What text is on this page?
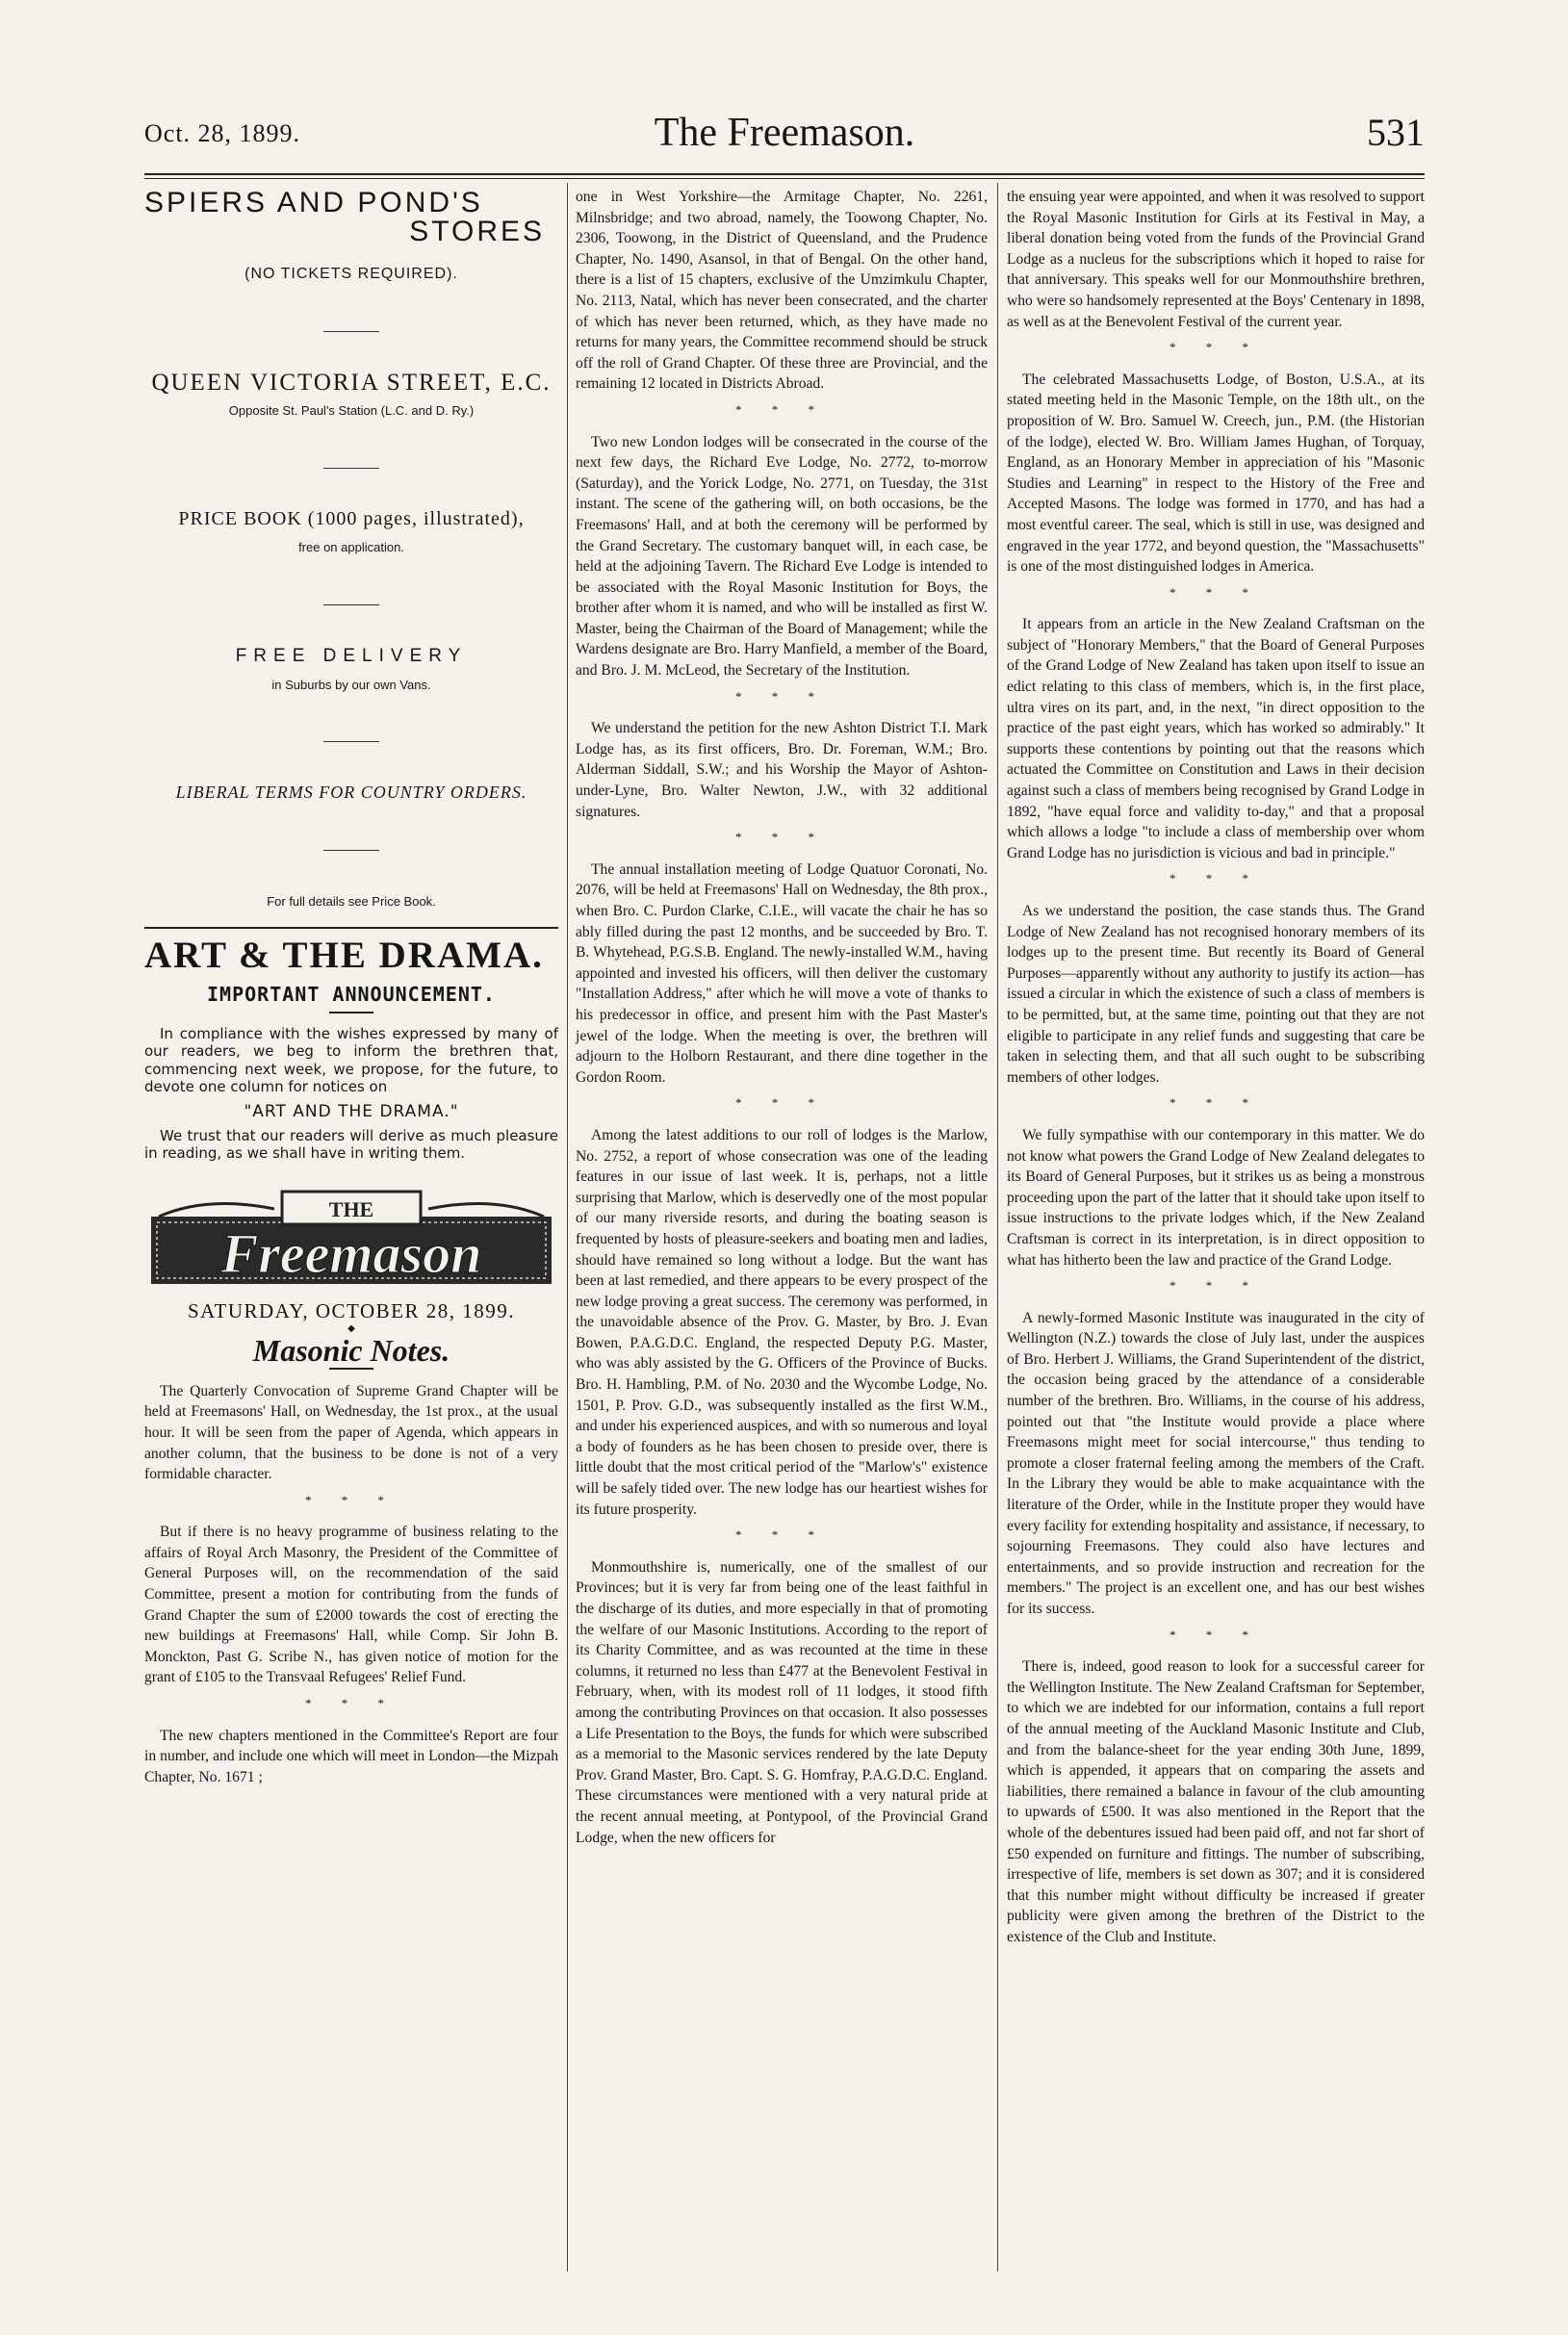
Oct. 28, 1899.	The Freemason.	531
SPIERS AND POND'S
STORES
(NO TICKETS REQUIRED).
QUEEN VICTORIA STREET, E.C.
Opposite St. Paul's Station (L.C. and D. Ry.)
PRICE BOOK (1000 pages, illustrated),
free on application.
FREE DELIVERY
in Suburbs by our own Vans.
LIBERAL TERMS FOR COUNTRY ORDERS.
For full details see Price Book.
ART & THE DRAMA.
IMPORTANT ANNOUNCEMENT.

In compliance with the wishes expressed by many of our readers, we beg to inform the brethren that, commencing next week, we propose, for the future, to devote one column for notices on

"ART AND THE DRAMA."

We trust that our readers will derive as much pleasure in reading, as we shall have in writing them.

THE
Freemason
SATURDAY, OCTOBER 28, 1899.
◆
Masonic Notes.

The Quarterly Convocation of Supreme Grand Chapter will be held at Freemasons' Hall, on Wednesday, the 1st prox., at the usual hour. It will be seen from the paper of Agenda, which appears in another column, that the business to be done is not of a very formidable character.

* * *

But if there is no heavy programme of business relating to the affairs of Royal Arch Masonry, the President of the Committee of General Purposes will, on the recommendation of the said Committee, present a motion for contributing from the funds of Grand Chapter the sum of £2000 towards the cost of erecting the new buildings at Freemasons' Hall, while Comp. Sir John B. Monckton, Past G. Scribe N., has given notice of motion for the grant of £105 to the Transvaal Refugees' Relief Fund.

* * *

The new chapters mentioned in the Committee's Report are four in number, and include one which will meet in London—the Mizpah Chapter, No. 1671 ;

one in West Yorkshire—the Armitage Chapter, No. 2261, Milnsbridge; and two abroad, namely, the Toowong Chapter, No. 2306, Toowong, in the District of Queensland, and the Prudence Chapter, No. 1490, Asansol, in that of Bengal. On the other hand, there is a list of 15 chapters, exclusive of the Umzimkulu Chapter, No. 2113, Natal, which has never been consecrated, and the charter of which has never been returned, which, as they have made no returns for many years, the Committee recommend should be struck off the roll of Grand Chapter. Of these three are Provincial, and the remaining 12 located in Districts Abroad.

* * *

Two new London lodges will be consecrated in the course of the next few days, the Richard Eve Lodge, No. 2772, to-morrow (Saturday), and the Yorick Lodge, No. 2771, on Tuesday, the 31st instant. The scene of the gathering will, on both occasions, be the Freemasons' Hall, and at both the ceremony will be performed by the Grand Secretary. The customary banquet will, in each case, be held at the adjoining Tavern. The Richard Eve Lodge is intended to be associated with the Royal Masonic Institution for Boys, the brother after whom it is named, and who will be installed as first W. Master, being the Chairman of the Board of Management; while the Wardens designate are Bro. Harry Manfield, a member of the Board, and Bro. J. M. McLeod, the Secretary of the Institution.

* * *

We understand the petition for the new Ashton District T.I. Mark Lodge has, as its first officers, Bro. Dr. Foreman, W.M.; Bro. Alderman Siddall, S.W.; and his Worship the Mayor of Ashton-under-Lyne, Bro. Walter Newton, J.W., with 32 additional signatures.

* * *

The annual installation meeting of Lodge Quatuor Coronati, No. 2076, will be held at Freemasons' Hall on Wednesday, the 8th prox., when Bro. C. Purdon Clarke, C.I.E., will vacate the chair he has so ably filled during the past 12 months, and be succeeded by Bro. T. B. Whytehead, P.G.S.B. England. The newly-installed W.M., having appointed and invested his officers, will then deliver the customary "Installation Address," after which he will move a vote of thanks to his predecessor in office, and present him with the Past Master's jewel of the lodge. When the meeting is over, the brethren will adjourn to the Holborn Restaurant, and there dine together in the Gordon Room.

* * *

Among the latest additions to our roll of lodges is the Marlow, No. 2752, a report of whose consecration was one of the leading features in our issue of last week. It is, perhaps, not a little surprising that Marlow, which is deservedly one of the most popular of our many riverside resorts, and during the boating season is frequented by hosts of pleasure-seekers and boating men and ladies, should have remained so long without a lodge. But the want has been at last remedied, and there appears to be every prospect of the new lodge proving a great success. The ceremony was performed, in the unavoidable absence of the Prov. G. Master, by Bro. J. Evan Bowen, P.A.G.D.C. England, the respected Deputy P.G. Master, who was ably assisted by the G. Officers of the Province of Bucks. Bro. H. Hambling, P.M. of No. 2030 and the Wycombe Lodge, No. 1501, P. Prov. G.D., was subsequently installed as the first W.M., and under his experienced auspices, and with so numerous and loyal a body of founders as he has been chosen to preside over, there is little doubt that the most critical period of the "Marlow's" existence will be safely tided over. The new lodge has our heartiest wishes for its future prosperity.

* * *

Monmouthshire is, numerically, one of the smallest of our Provinces; but it is very far from being one of the least faithful in the discharge of its duties, and more especially in that of promoting the welfare of our Masonic Institutions. According to the report of its Charity Committee, and as was recounted at the time in these columns, it returned no less than £477 at the Benevolent Festival in February, when, with its modest roll of 11 lodges, it stood fifth among the contributing Provinces on that occasion. It also possesses a Life Presentation to the Boys, the funds for which were subscribed as a memorial to the Masonic services rendered by the late Deputy Prov. Grand Master, Bro. Capt. S. G. Homfray, P.A.G.D.C. England. These circumstances were mentioned with a very natural pride at the recent annual meeting, at Pontypool, of the Provincial Grand Lodge, when the new officers for

the ensuing year were appointed, and when it was resolved to support the Royal Masonic Institution for Girls at its Festival in May, a liberal donation being voted from the funds of the Provincial Grand Lodge as a nucleus for the subscriptions which it hoped to raise for that anniversary. This speaks well for our Monmouthshire brethren, who were so handsomely represented at the Boys' Centenary in 1898, as well as at the Benevolent Festival of the current year.

* * *

The celebrated Massachusetts Lodge, of Boston, U.S.A., at its stated meeting held in the Masonic Temple, on the 18th ult., on the proposition of W. Bro. Samuel W. Creech, jun., P.M. (the Historian of the lodge), elected W. Bro. William James Hughan, of Torquay, England, as an Honorary Member in appreciation of his "Masonic Studies and Learning" in respect to the History of the Free and Accepted Masons. The lodge was formed in 1770, and has had a most eventful career. The seal, which is still in use, was designed and engraved in the year 1772, and beyond question, the "Massachusetts" is one of the most distinguished lodges in America.

* * *

It appears from an article in the New Zealand Craftsman on the subject of "Honorary Members," that the Board of General Purposes of the Grand Lodge of New Zealand has taken upon itself to issue an edict relating to this class of members, which is, in the first place, ultra vires on its part, and, in the next, "in direct opposition to the practice of the past eight years, which has worked so admirably." It supports these contentions by pointing out that the reasons which actuated the Committee on Constitution and Laws in their decision against such a class of members being recognised by Grand Lodge in 1892, "have equal force and validity to-day," and that a proposal which allows a lodge "to include a class of membership over whom Grand Lodge has no jurisdiction is vicious and bad in principle."

* * *

As we understand the position, the case stands thus. The Grand Lodge of New Zealand has not recognised honorary members of its lodges up to the present time. But recently its Board of General Purposes—apparently without any authority to justify its action—has issued a circular in which the existence of such a class of members is to be permitted, but, at the same time, pointing out that they are not eligible to participate in any relief funds and suggesting that care be taken in selecting them, and that all such ought to be subscribing members of other lodges.

* * *

We fully sympathise with our contemporary in this matter. We do not know what powers the Grand Lodge of New Zealand delegates to its Board of General Purposes, but it strikes us as being a monstrous proceeding upon the part of the latter that it should take upon itself to issue instructions to the private lodges which, if the New Zealand Craftsman is correct in its interpretation, is in direct opposition to what has hitherto been the law and practice of the Grand Lodge.

* * *

A newly-formed Masonic Institute was inaugurated in the city of Wellington (N.Z.) towards the close of July last, under the auspices of Bro. Herbert J. Williams, the Grand Superintendent of the district, the occasion being graced by the attendance of a considerable number of the brethren. Bro. Williams, in the course of his address, pointed out that "the Institute would provide a place where Freemasons might meet for social intercourse," thus tending to promote a closer fraternal feeling among the members of the Craft. In the Library they would be able to make acquaintance with the literature of the Order, while in the Institute proper they would have every facility for extending hospitality and assistance, if necessary, to sojourning Freemasons. They could also have lectures and entertainments, and so provide instruction and recreation for the members." The project is an excellent one, and has our best wishes for its success.

* * *

There is, indeed, good reason to look for a successful career for the Wellington Institute. The New Zealand Craftsman for September, to which we are indebted for our information, contains a full report of the annual meeting of the Auckland Masonic Institute and Club, and from the balance-sheet for the year ending 30th June, 1899, which is appended, it appears that on comparing the assets and liabilities, there remained a balance in favour of the club amounting to upwards of £500. It was also mentioned in the Report that the whole of the debentures issued had been paid off, and not far short of £50 expended on furniture and fittings. The number of subscribing, irrespective of life, members is set down as 307; and it is considered that this number might without difficulty be increased if greater publicity were given among the brethren of the District to the existence of the Club and Institute.
